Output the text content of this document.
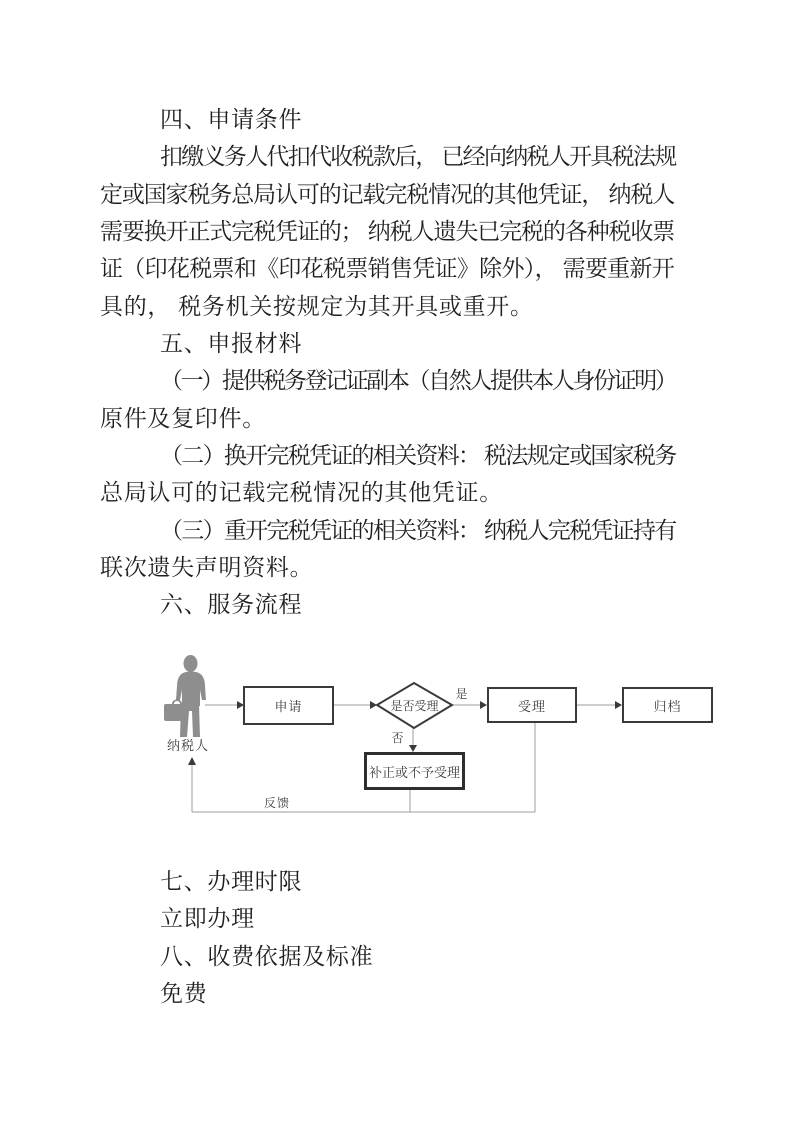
四、申请条件
扣缴义务人代扣代收税款后， 已经向纳税人开具税法规
定或国家税务总局认可的记载完税情况的其他凭证， 纳税人
需要换开正式完税凭证的； 纳税人遗失已完税的各种税收票
证（印花税票和《印花税票销售凭证》除外）， 需要重新开
具的， 税务机关按规定为其开具或重开。
五、申报材料
（一）提供税务登记证副本（自然人提供本人身份证明）
原件及复印件。
（二）换开完税凭证的相关资料： 税法规定或国家税务
总局认可的记载完税情况的其他凭证。
（三）重开完税凭证的相关资料： 纳税人完税凭证持有
联次遗失声明资料。
六、服务流程
申请	是否受理	受理	归档
补正或不予受理
纳税人
是
否
反馈
七、办理时限
立即办理
八、收费依据及标准
免费
